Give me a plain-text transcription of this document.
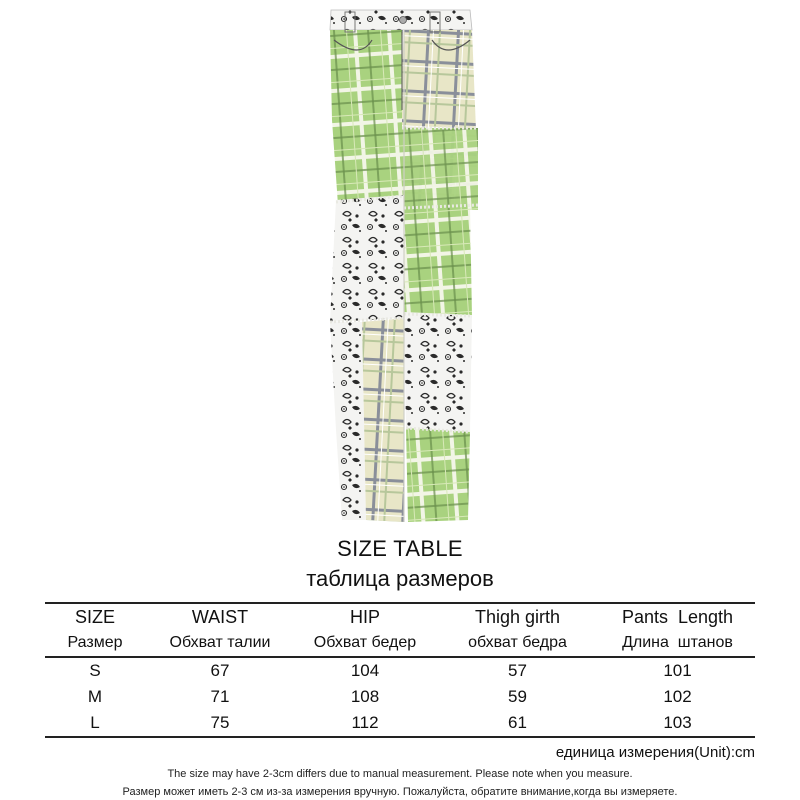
SIZE TABLE
таблица размеров
SIZE	WAIST	HIP	Thigh girth	Pants  Length
Размер	Обхват талии	Обхват бедер	обхват бедра	Длина  штанов
S	67	104	57	101
M	71	108	59	102
L	75	112	61	103
единица измерения(Unit):cm
The size may have 2-3cm differs due to manual measurement. Please note when you measure.
Размер может иметь 2-3 см из-за измерения вручную. Пожалуйста, обратите внимание,когда вы измеряете.
